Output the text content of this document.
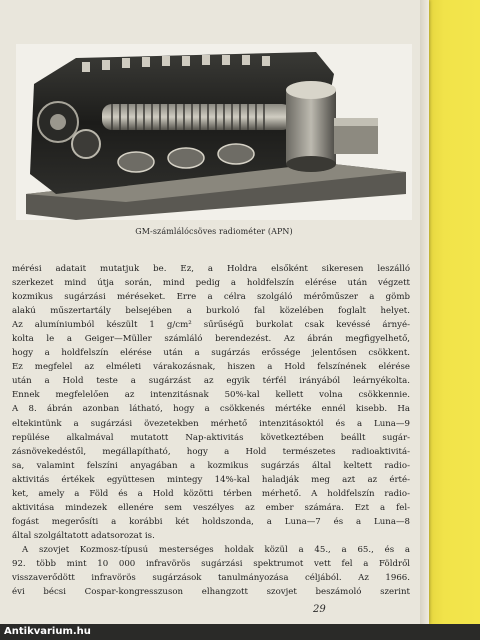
GM-számlálócsöves radiométer (APN)
mérési adatait mutatjuk be. Ez, a Holdra elsőként sikeresen leszálló
szerkezet mind útja során, mind pedig a holdfelszín elérése után végzett
kozmikus sugárzási méréseket. Erre a célra szolgáló mérőműszer a gömb
alakú műszertartály belsejében a burkoló fal közelében foglalt helyet.
Az alumíniumból készült 1 g/cm² sűrűségű burkolat csak kevéssé árnyé-
kolta le a Geiger—Müller számláló berendezést. Az ábrán megfigyelhető,
hogy a holdfelszín elérése után a sugárzás erőssége jelentősen csökkent.
Ez megfelel az elméleti várakozásnak, hiszen a Hold felszínének elérése
után a Hold teste a sugárzást az egyik térfél irányából leárnyékolta.
Ennek megfelelően az intenzitásnak 50%-kal kellett volna csökkennie.
A 8. ábrán azonban látható, hogy a csökkenés mértéke ennél kisebb. Ha
eltekintünk a sugárzási övezetekben mérhető intenzitásoktól és a Luna—9
repülése alkalmával mutatott Nap-aktivitás következtében beállt sugár-
zásnövekedéstől, megállapítható, hogy a Hold természetes radioaktivitá-
sa, valamint felszíni anyagában a kozmikus sugárzás által keltett radio-
aktivitás értékek együttesen mintegy 14%-kal haladják meg azt az érté-
ket, amely a Föld és a Hold közötti térben mérhető. A holdfelszín radio-
aktivitása mindezek ellenére sem veszélyes az ember számára. Ezt a fel-
fogást megerősíti a korábbi két holdszonda, a Luna—7 és a Luna—8
által szolgáltatott adatsorozat is.
A szovjet Kozmosz-típusú mesterséges holdak közül a 45., a 65., és a
92. több mint 10 000 infravörös sugárzási spektrumot vett fel a Földről
visszaverődött infravörös sugárzások tanulmányozása céljából. Az 1966.
évi bécsi Cospar-kongresszuson elhangzott szovjet beszámoló szerint
29
Antikvarium.hu
